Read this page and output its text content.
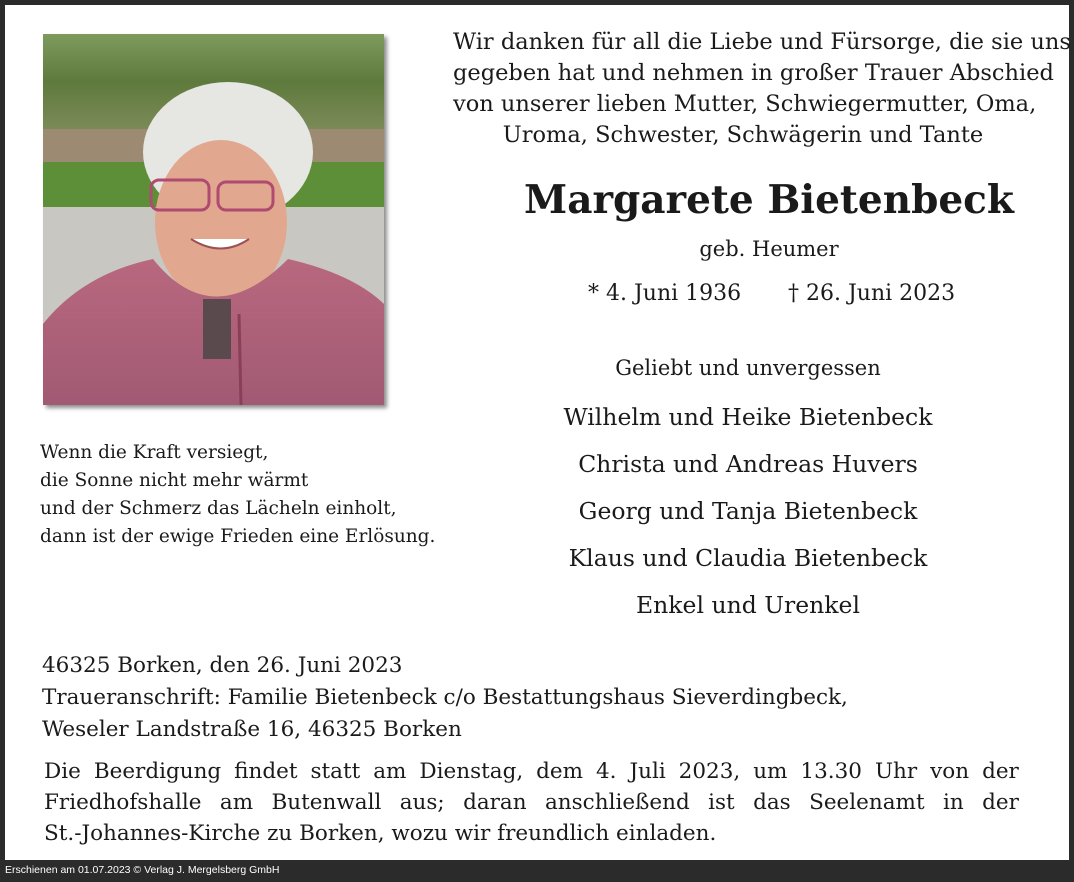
Wir danken für all die Liebe und Fürsorge, die sie uns
gegeben hat und nehmen in großer Trauer Abschied
von unserer lieben Mutter, Schwiegermutter, Oma,
Uroma, Schwester, Schwägerin und Tante
Margarete Bietenbeck
geb. Heumer
* 4. Juni 1936 † 26. Juni 2023
Geliebt und unvergessen
Wilhelm und Heike Bietenbeck
Christa und Andreas Huvers
Georg und Tanja Bietenbeck
Klaus und Claudia Bietenbeck
Enkel und Urenkel
Wenn die Kraft versiegt,
die Sonne nicht mehr wärmt
und der Schmerz das Lächeln einholt,
dann ist der ewige Frieden eine Erlösung.
46325 Borken, den 26. Juni 2023
Traueranschrift: Familie Bietenbeck c/o Bestattungshaus Sieverdingbeck,
Weseler Landstraße 16, 46325 Borken
Die Beerdigung findet statt am Dienstag, dem 4. Juli 2023, um 13.30 Uhr von der
Friedhofshalle am Butenwall aus; daran anschließend ist das Seelenamt in der
St.-Johannes-Kirche zu Borken, wozu wir freundlich einladen.
Erschienen am 01.07.2023 © Verlag J. Mergelsberg GmbH
